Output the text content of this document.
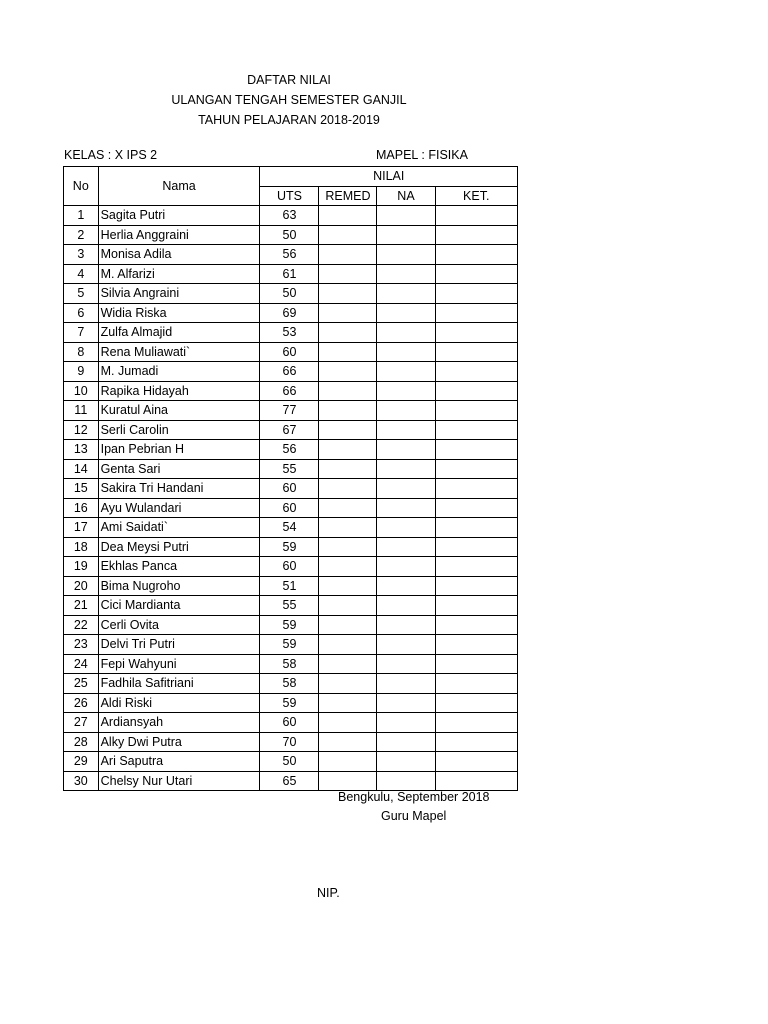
DAFTAR NILAI
ULANGAN TENGAH SEMESTER GANJIL
TAHUN PELAJARAN 2018-2019
KELAS : X IPS 2	MAPEL : FISIKA
No	Nama	NILAI			
		UTS	REMED	NA	KET.
1	Sagita Putri	63			
2	Herlia Anggraini	50			
3	Monisa Adila	56			
4	M. Alfarizi	61			
5	Silvia Angraini	50			
6	Widia Riska	69			
7	Zulfa Almajid	53			
8	Rena Muliawati`	60			
9	M. Jumadi	66			
10	Rapika Hidayah	66			
11	Kuratul Aina	77			
12	Serli Carolin	67			
13	Ipan Pebrian H	56			
14	Genta Sari	55			
15	Sakira Tri Handani	60			
16	Ayu Wulandari	60			
17	Ami Saidati`	54			
18	Dea Meysi Putri	59			
19	Ekhlas Panca	60			
20	Bima Nugroho	51			
21	Cici Mardianta	55			
22	Cerli Ovita	59			
23	Delvi Tri Putri	59			
24	Fepi Wahyuni	58			
25	Fadhila Safitriani	58			
26	Aldi Riski	59			
27	Ardiansyah	60			
28	Alky Dwi Putra	70			
29	Ari Saputra	50			
30	Chelsy Nur Utari	65			
Bengkulu, September 2018
Guru Mapel
NIP.
